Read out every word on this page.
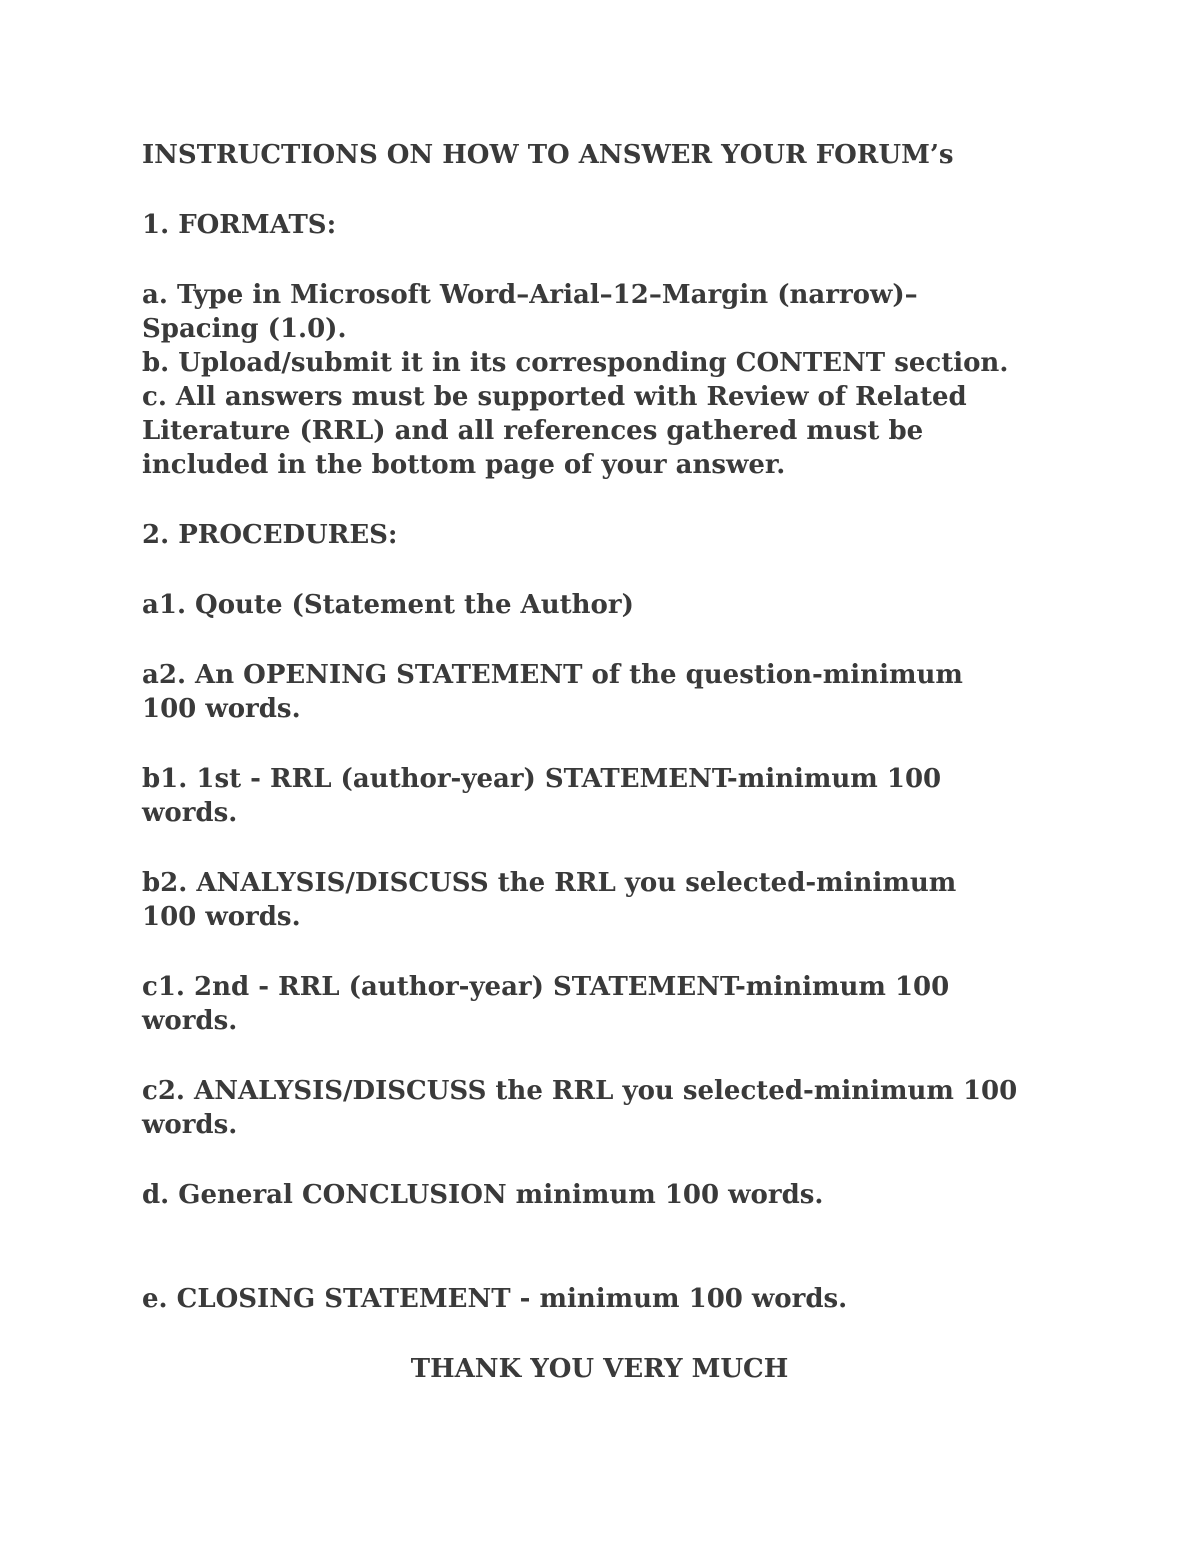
INSTRUCTIONS ON HOW TO ANSWER YOUR FORUM’s
1. FORMATS:
a. Type in Microsoft Word–Arial–12–Margin (narrow)–
Spacing (1.0).
b. Upload/submit it in its corresponding CONTENT section.
c. All answers must be supported with Review of Related
Literature (RRL) and all references gathered must be
included in the bottom page of your answer.
2. PROCEDURES:
a1. Qoute (Statement the Author)
a2. An OPENING STATEMENT of the question-minimum
100 words.
b1. 1st - RRL (author-year) STATEMENT-minimum 100
words.
b2. ANALYSIS/DISCUSS the RRL you selected-minimum
100 words.
c1. 2nd - RRL (author-year) STATEMENT-minimum 100
words.
c2. ANALYSIS/DISCUSS the RRL you selected-minimum 100
words.
d. General CONCLUSION minimum 100 words.
e. CLOSING STATEMENT - minimum 100 words.
THANK YOU VERY MUCH
